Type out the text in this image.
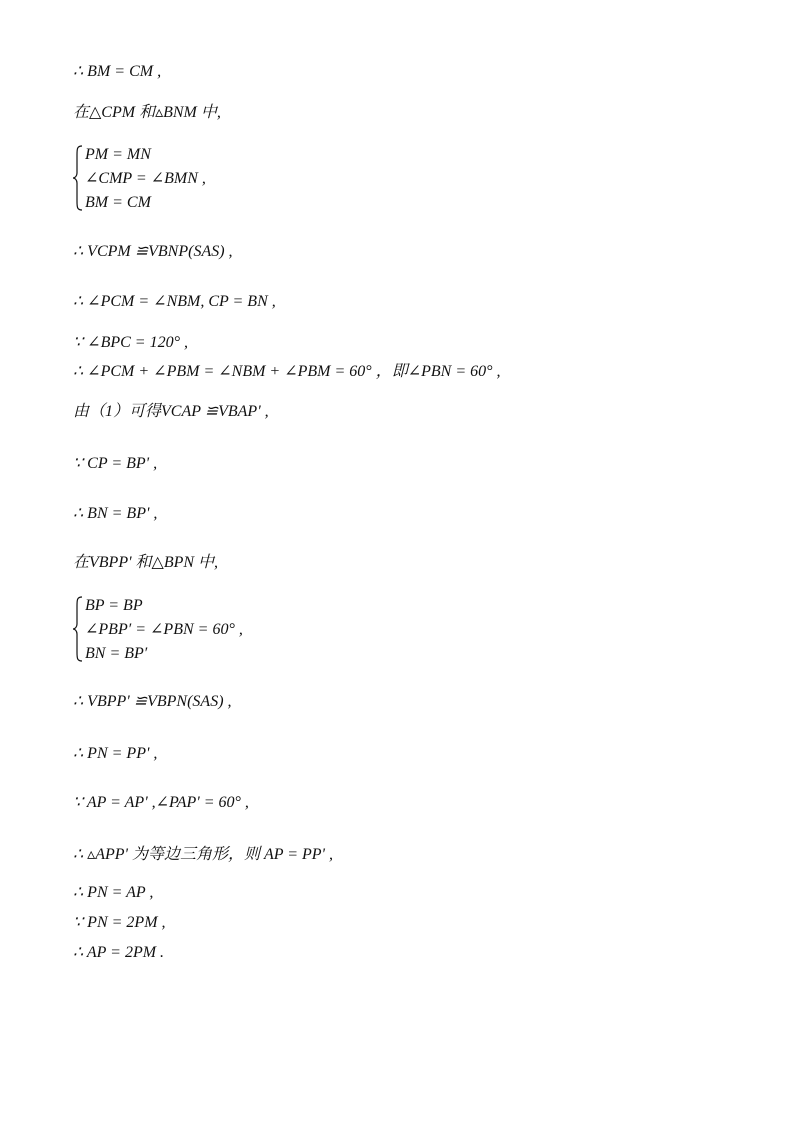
∴ BM = CM ,
在△CPM 和▵BNM 中,
PM = MN
∠CMP = ∠BMN ,
BM = CM
∴ VCPM ≌VBNP(SAS) ,
∴ ∠PCM = ∠NBM, CP = BN ,
∵ ∠BPC = 120° ,
∴ ∠PCM + ∠PBM = ∠NBM + ∠PBM = 60° ，即∠PBN = 60° ,
由（1）可得VCAP ≌VBAP' ,
∵ CP = BP' ,
∴ BN = BP' ,
在VBPP' 和△BPN 中,
BP = BP
∠PBP′ = ∠PBN = 60° ,
BN = BP′
∴ VBPP' ≌VBPN(SAS) ,
∴ PN = PP' ,
∵ AP = AP' ,∠PAP' = 60° ,
∴ ▵APP' 为等边三角形，则 AP = PP' ,
∴ PN = AP ,
∵ PN = 2PM ,
∴ AP = 2PM .
